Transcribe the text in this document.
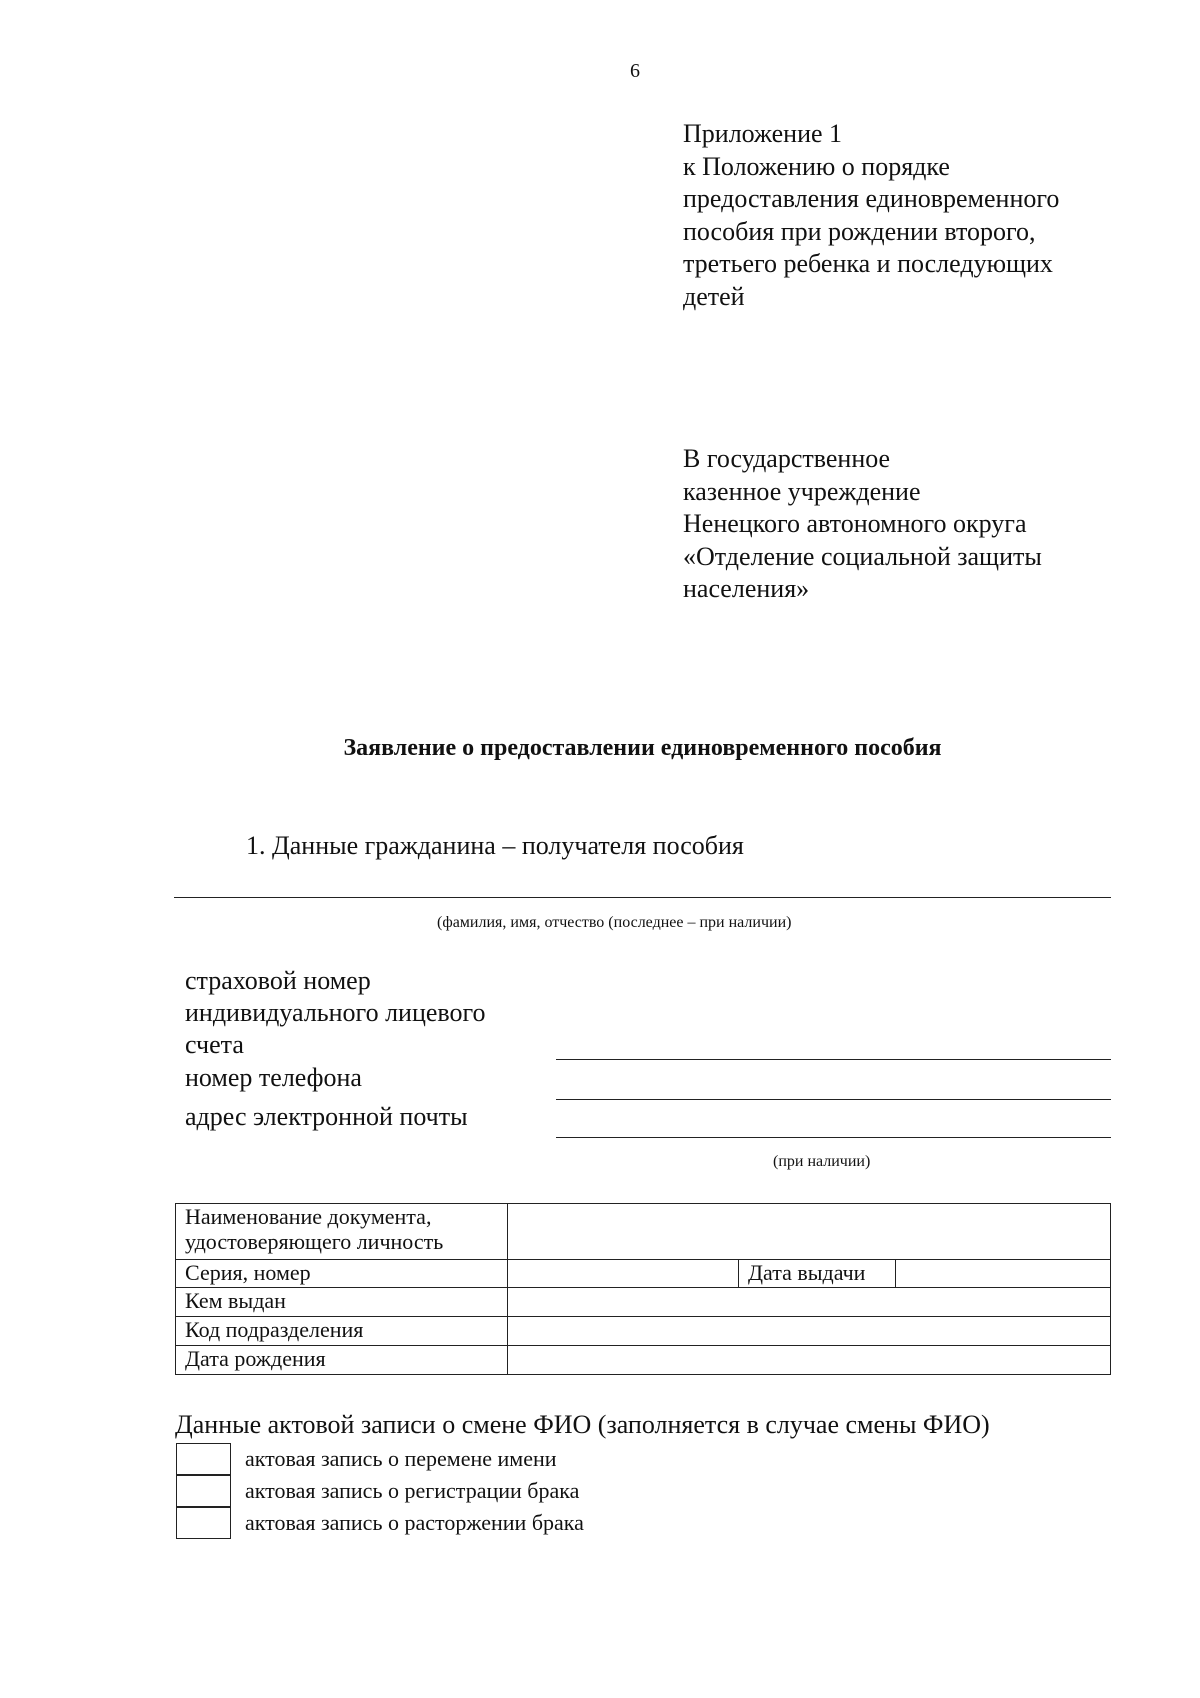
6
Приложение 1
к Положению о порядке
предоставления единовременного
пособия при рождении второго,
третьего ребенка и последующих
детей
В государственное
казенное учреждение
Ненецкого автономного округа
«Отделение социальной защиты
населения»
Заявление о предоставлении единовременного пособия
1. Данные гражданина – получателя пособия
(фамилия, имя, отчество (последнее – при наличии)
страховой номер
индивидуального лицевого
счета
номер телефона
адрес электронной почты
(при наличии)
Наименование документа,
удостоверяющего личность			

Серия, номер		Дата выдачи	
Кем выдан			
Код подразделения			
Дата рождения			
Данные актовой записи о смене ФИО (заполняется в случае смены ФИО)
актовая запись о перемене имени
актовая запись о регистрации брака
актовая запись о расторжении брака
